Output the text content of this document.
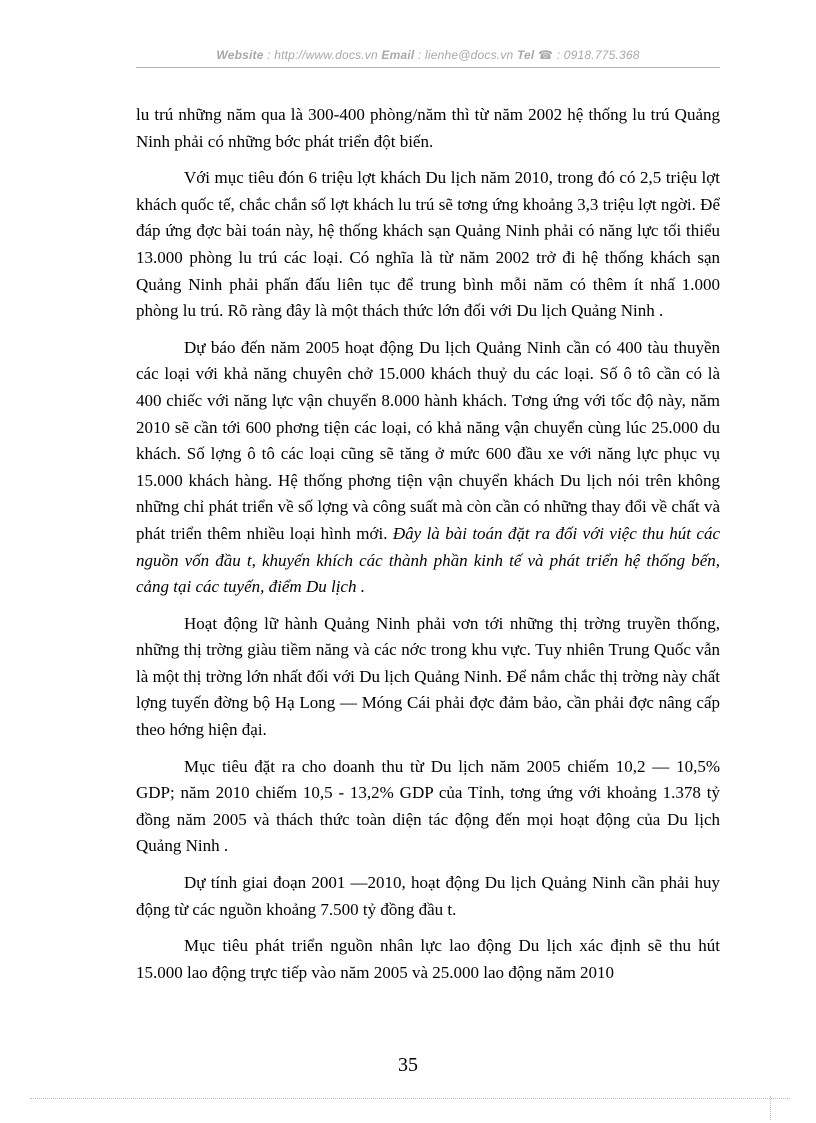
Website : http://www.docs.vn Email : lienhe@docs.vn Tel ☎ : 0918.775.368

lu trú những năm qua là 300-400 phòng/năm thì từ năm 2002 hệ thống lu trú Quảng Ninh phải có những bớc phát triển đột biến.

Với mục tiêu đón 6 triệu lợt khách Du lịch năm 2010, trong đó có 2,5 triệu lợt khách quốc tế, chắc chắn số lợt khách lu trú sẽ tơng ứng khoảng 3,3 triệu lợt ngời. Để đáp ứng đợc bài toán này, hệ thống khách sạn Quảng Ninh phải có năng lực tối thiểu 13.000 phòng lu trú các loại. Có nghĩa là từ năm 2002 trở đi hệ thống khách sạn Quảng Ninh phải phấn đấu liên tục để trung bình mỗi năm có thêm ít nhấ 1.000 phòng lu trú. Rõ ràng đây là một thách thức lớn đối với Du lịch Quảng Ninh .

Dự báo đến năm 2005 hoạt động Du lịch Quảng Ninh cần có 400 tàu thuyền các loại với khả năng chuyên chở 15.000 khách thuỷ du các loại. Số ô tô cần có là 400 chiếc với năng lực vận chuyển 8.000 hành khách. Tơng ứng với tốc độ này, năm 2010 sẽ cần tới 600 phơng tiện các loại, có khả năng vận chuyển cùng lúc 25.000 du khách. Số lợng ô tô các loại cũng sẽ tăng ở mức 600 đầu xe với năng lực phục vụ 15.000 khách hàng. Hệ thống phơng tiện vận chuyển khách Du lịch nói trên không những chỉ phát triển về số lợng và công suất mà còn cần có những thay đổi về chất và phát triển thêm nhiều loại hình mới. Đây là bài toán đặt ra đối với việc thu hút các nguồn vốn đầu t, khuyến khích các thành phần kinh tế và phát triển hệ thống bến, cảng tại các tuyến, điểm Du lịch .

Hoạt động lữ hành Quảng Ninh phải vơn tới những thị trờng truyền thống, những thị trờng giàu tiềm năng và các nớc trong khu vực. Tuy nhiên Trung Quốc vẫn là một thị trờng lớn nhất đối với Du lịch Quảng Ninh. Để nắm chắc thị trờng này chất lợng tuyến đờng bộ Hạ Long — Móng Cái phải đợc đảm bảo, cần phải đợc nâng cấp theo hớng hiện đại.

Mục tiêu đặt ra cho doanh thu từ Du lịch năm 2005 chiếm 10,2 — 10,5% GDP; năm 2010 chiếm 10,5 - 13,2% GDP của Tỉnh, tơng ứng với khoảng 1.378 tỷ đồng năm 2005 và thách thức toàn diện tác động đến mọi hoạt động của Du lịch Quảng Ninh .

Dự tính giai đoạn 2001 —2010, hoạt động Du lịch Quảng Ninh cần phải huy động từ các nguồn khoảng 7.500 tỷ đồng đầu t.

Mục tiêu phát triển nguồn nhân lực lao động Du lịch xác định sẽ thu hút 15.000 lao động trực tiếp vào năm 2005 và 25.000 lao động năm 2010

35
